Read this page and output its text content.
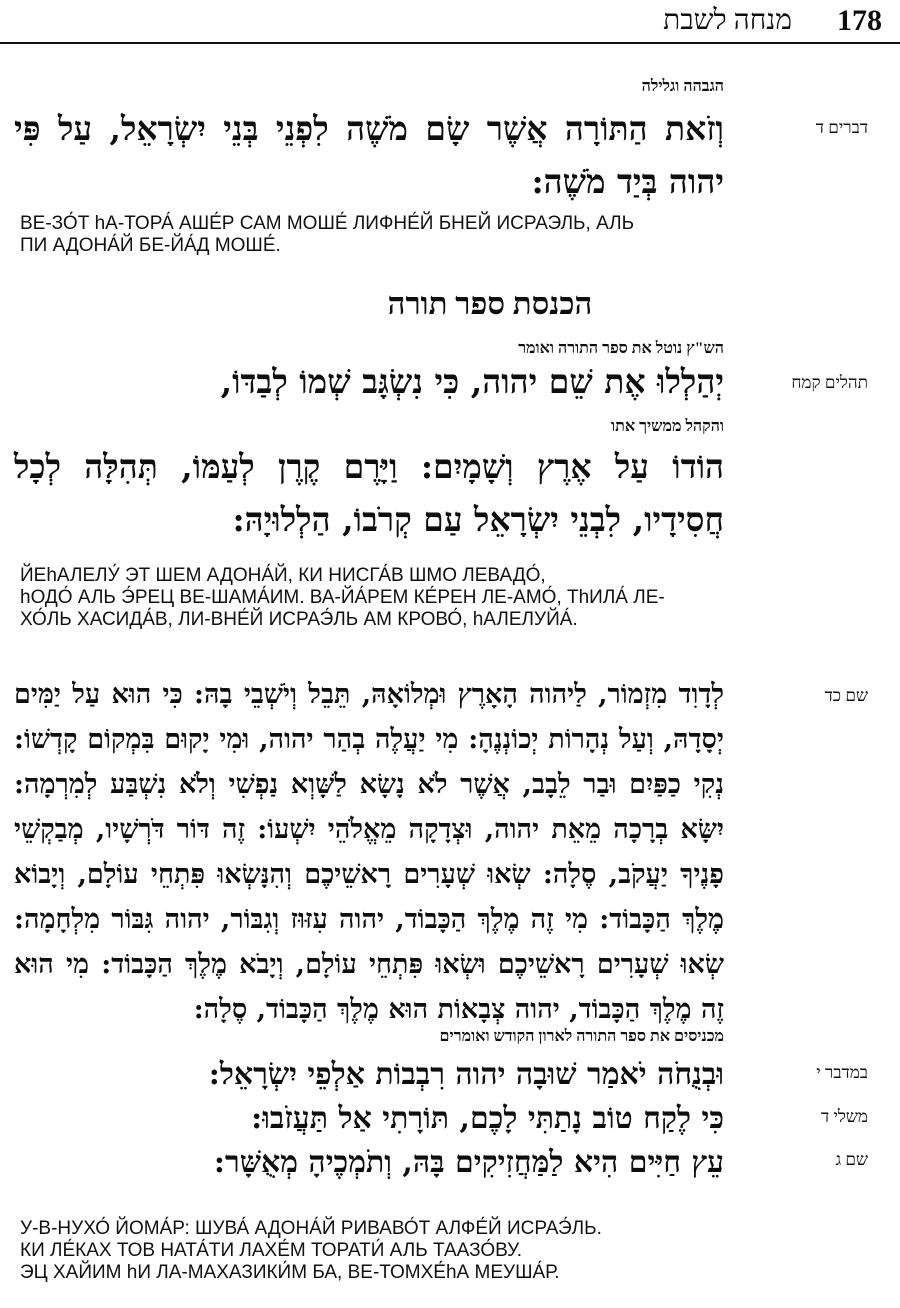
178
מנחה לשבת
הגבהה וגלילה
דברים ד
וְזֹאת הַתּוֹרָה אֲשֶׁר שָׂם מֹשֶׁה לִפְנֵי בְּנֵי יִשְׂרָאֵל, עַל פִּי יהוה בְּיַד מֹשֶׁה:
ВЕ-ЗО́Т hА-ТОРА́ АШЕ́Р САМ МОШЕ́ ЛИФНЕ́Й БНЕЙ ИСРАЭЛЬ, АЛЬ
ПИ АДОНА́Й БЕ-ЙА́Д МОШЕ́.
הכנסת ספר תורה
הש"ץ נוטל את ספר התורה ואומר
תהלים קמח
יְהַלְלוּ אֶת שֵׁם יהוה, כִּי נִשְׂגָּב שְׁמוֹ לְבַדּוֹ,
והקהל ממשיך אתו
הוֹדוֹ עַל אֶרֶץ וְשָׁמָיִם: וַיָּרֶם קֶרֶן לְעַמּוֹ, תְּהִלָּה לְכָל חֲסִידָיו, לִבְנֵי יִשְׂרָאֵל עַם קְרֹבוֹ, הַלְלוּיָהּ:
ЙЕhАЛЕЛУ́ ЭТ ШЕМ АДОНА́Й, КИ НИСГА́В ШМО ЛЕВАДО́,
hОДО́ АЛЬ Э́РЕЦ ВЕ-ШАМА́ИМ. ВА-ЙА́РЕМ КЕ́РЕН ЛЕ-АМО́, ТhИЛА́ ЛЕ-
ХО́ЛЬ ХАСИДА́В, ЛИ-ВНЕ́Й ИСРАЭ́ЛЬ АМ КРОВО́, hАЛЕЛУЙА́.
שם כד
לְדָוִד מִזְמוֹר, לַיהוה הָאָרֶץ וּמְלוֹאָהּ, תֵּבֵל וְיֹשְׁבֵי בָהּ: כִּי הוּא עַל יַמִּים יְסָדָהּ, וְעַל נְהָרוֹת יְכוֹנְנֶהָ: מִי יַעֲלֶה בְהַר יהוה, וּמִי יָקוּם בִּמְקוֹם קָדְשׁוֹ: נְקִי כַפַּיִם וּבַר לֵבָב, אֲשֶׁר לֹא נָשָׂא לַשָּׁוְא נַפְשִׁי וְלֹא נִשְׁבַּע לְמִרְמָה: יִשָּׂא בְרָכָה מֵאֵת יהוה, וּצְדָקָה מֵאֱלֹהֵי יִשְׁעוֹ: זֶה דּוֹר דֹּרְשָׁיו, מְבַקְשֵׁי פָנֶיךָ יַעֲקֹב, סֶלָה: שְׂאוּ שְׁעָרִים רָאשֵׁיכֶם וְהִנָּשְׂאוּ פִּתְחֵי עוֹלָם, וְיָבוֹא מֶלֶךְ הַכָּבוֹד: מִי זֶה מֶלֶךְ הַכָּבוֹד, יהוה עִזּוּז וְגִבּוֹר, יהוה גִּבּוֹר מִלְחָמָה: שְׂאוּ שְׁעָרִים רָאשֵׁיכֶם וּשְׂאוּ פִּתְחֵי עוֹלָם, וְיָבֹא מֶלֶךְ הַכָּבוֹד: מִי הוּא זֶה מֶלֶךְ הַכָּבוֹד, יהוה צְבָאוֹת הוּא מֶלֶךְ הַכָּבוֹד, סֶלָה:
מכניסים את ספר התורה לארון הקודש ואומרים
במדבר י
וּבְנֻחֹה יֹאמַר שׁוּבָה יהוה רִבְבוֹת אַלְפֵי יִשְׂרָאֵל:
משלי ד
כִּי לֶקַח טוֹב נָתַתִּי לָכֶם, תּוֹרָתִי אַל תַּעֲזֹבוּ:
שם ג
עֵץ חַיִּים הִיא לַמַּחֲזִיקִים בָּהּ, וְתֹמְכֶיהָ מְאֻשָּׁר:
У-В-НУХО́ ЙОМА́Р: ШУВА́ АДОНА́Й РИВАВО́Т АЛФЕ́Й ИСРАЭ́ЛЬ.
КИ ЛЕ́КАХ ТОВ НАТА́ТИ ЛАХЕ́М ТОРАТИ́ АЛЬ ТААЗО́ВУ.
ЭЦ ХАЙИМ hИ ЛА-МАХАЗИКИ́М БА, ВЕ-ТОМХЕ́hА МЕУША́Р.
